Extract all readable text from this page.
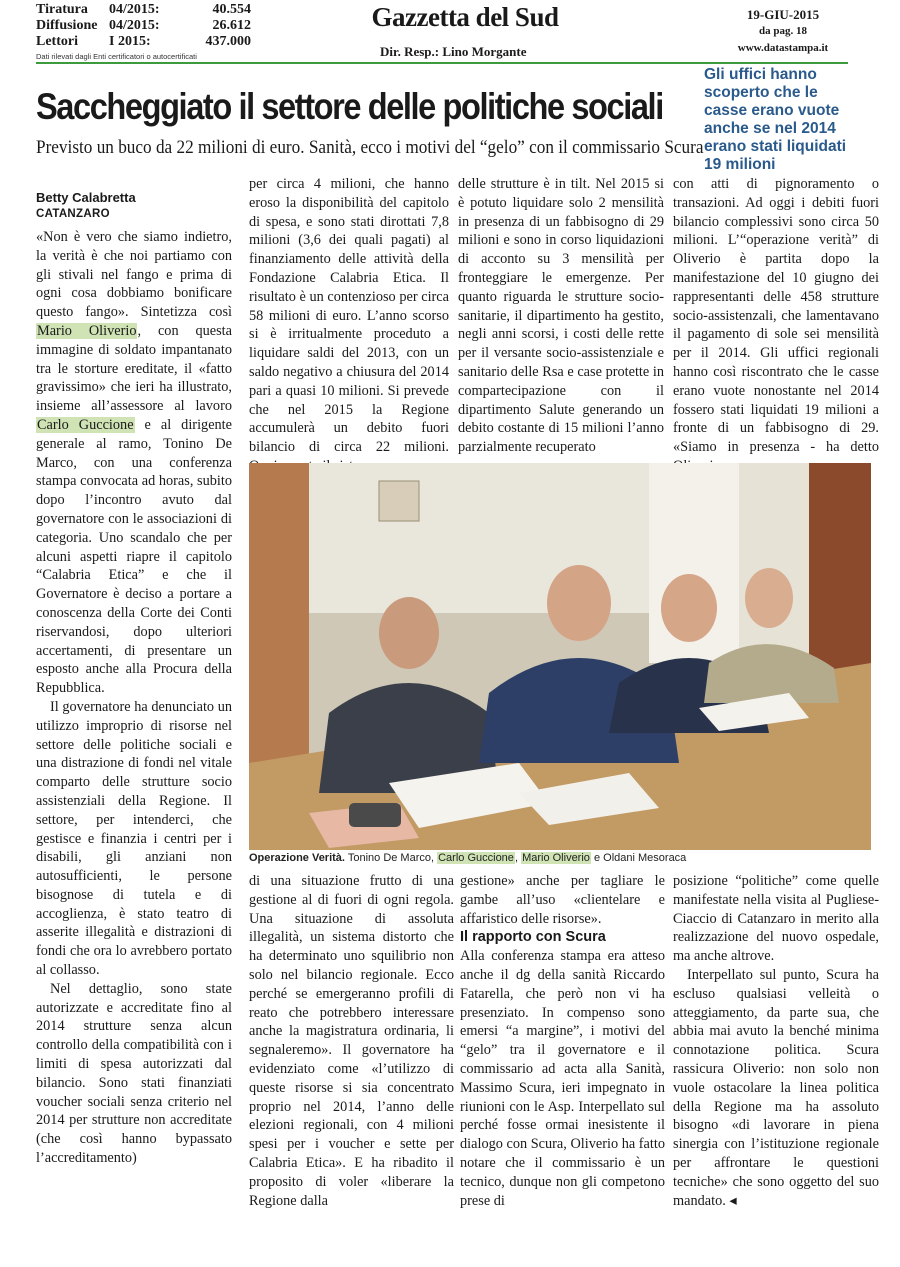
Tiratura 04/2015:	40.554
Diffusione 04/2015:	26.612
Lettori I 2015:	437.000
Dati rilevati dagli Enti certificatori o autocertificati
Gazzetta del Sud
Dir. Resp.: Lino Morgante
19-GIU-2015
da pag. 18
www.datastampa.it
Saccheggiato il settore delle politiche sociali
Previsto un buco da 22 milioni di euro. Sanità, ecco i motivi del “gelo” con il commissario Scura
Gli uffici hanno scoperto che le casse erano vuote anche se nel 2014 erano stati liquidati 19 milioni
Betty Calabretta
CATANZARO

«Non è vero che siamo indietro, la verità è che noi partiamo con gli stivali nel fango e prima di ogni cosa dobbiamo bonificare questo fango». Sintetizza così Mario Oliverio, con questa immagine di soldato impantanato tra le storture ereditate, il «fatto gravissimo» che ieri ha illustrato, insieme all’assessore al lavoro Carlo Guccione e al dirigente generale al ramo, Tonino De Marco, con una conferenza stampa convocata ad horas, subito dopo l’incontro avuto dal governatore con le associazioni di categoria. Uno scandalo che per alcuni aspetti riapre il capitolo “Calabria Etica” e che il Governatore è deciso a portare a conoscenza della Corte dei Conti riservandosi, dopo ulteriori accertamenti, di presentare un esposto anche alla Procura della Repubblica.

Il governatore ha denunciato un utilizzo improprio di risorse nel settore delle politiche sociali e una distrazione di fondi nel vitale comparto delle strutture socio assistenziali della Regione. Il settore, per intenderci, che gestisce e finanzia i centri per i disabili, gli anziani non autosufficienti, le persone bisognose di tutela e di accoglienza, è stato teatro di asserite illegalità e distrazioni di fondi che ora lo avrebbero portato al collasso.

Nel dettaglio, sono state autorizzate e accreditate fino al 2014 strutture senza alcun controllo della compatibilità con i limiti di spesa autorizzati dal bilancio. Sono stati finanziati voucher sociali senza criterio nel 2014 per strutture non accreditate (che così hanno bypassato l’accreditamento)

per circa 4 milioni, che hanno eroso la disponibilità del capitolo di spesa, e sono stati dirottati 7,8 milioni (3,6 dei quali pagati) al finanziamento delle attività della Fondazione Calabria Etica. Il risultato è un contenzioso per circa 58 milioni di euro. L’anno scorso si è irritualmente proceduto a liquidare saldi del 2013, con un saldo negativo a chiusura del 2014 pari a quasi 10 milioni. Si prevede che nel 2015 la Regione accumulerà un debito fuori bilancio di circa 22 milioni.

delle strutture è in tilt. Nel 2015 si è potuto liquidare solo 2 mensilità in presenza di un fabbisogno di 29 milioni e sono in corso liquidazioni di acconto su 3 mensilità per fronteggiare le emergenze. Per quanto riguarda le strutture socio-sanitarie, il dipartimento ha gestito, negli anni scorsi, i costi delle rette per il versante socio-assistenziale e sanitario delle Rsa e case protette in compartecipazione con il dipartimento Salute generando un debito costante di 15 milioni l’anno parzialmente recuperato

con atti di pignoramento o transazioni. Ad oggi i debiti fuori bilancio complessivi sono circa 50 milioni. L’“operazione verità” di Oliverio è partita dopo la manifestazione del 10 giugno dei rappresentanti delle 458 strutture socio-assistenzali, che lamentavano il pagamento di sole sei mensilità per il 2014. Gli uffici regionali hanno così riscontrato che le casse erano vuote nonostante nel 2014 fossero stati liquidati 19 milioni a fronte di un fabbisogno di 29. «Siamo in presenza - ha detto

Operazione Verità. Tonino De Marco, Carlo Guccione, Mario Oliverio e Oldani Mesoraca

di una situazione frutto di una gestione al di fuori di ogni regola. Una situazione di assoluta illegalità, un sistema distorto che ha determinato uno squilibrio non solo nel bilancio regionale. Ecco perché se emergeranno profili di reato che potrebbero interessare anche la magistratura ordinaria, li segnaleremo». Il governatore ha evidenziato come «l’utilizzo di queste risorse si sia concentrato proprio nel 2014, l’anno delle elezioni regionali, con 4 milioni spesi per i voucher e sette per Calabria Etica». E ha ribadito il proposito di voler «liberare la Regione dalla

gestione» anche per tagliare le gambe all’uso «clientelare e affaristico delle risorse».

Il rapporto con Scura

Alla conferenza stampa era atteso anche il dg della sanità Riccardo Fatarella, che però non vi ha presenziato. In compenso sono emersi “a margine”, i motivi del “gelo” tra il governatore e il commissario ad acta alla Sanità, Massimo Scura, ieri impegnato in riunioni con le Asp. Interpellato sul perché fosse ormai inesistente il dialogo con Scura, Oliverio ha fatto notare che il commissario è un tecnico, dunque non gli competono prese di

posizione “politiche” come quelle manifestate nella visita al Pugliese-Ciaccio di Catanzaro in merito alla realizzazione del nuovo ospedale, ma anche altrove.

Interpellato sul punto, Scura ha escluso qualsiasi velleità o atteggiamento, da parte sua, che abbia mai avuto la benché minima connotazione politica. Scura rassicura Oliverio: non solo non vuole ostacolare la linea politica della Regione ma ha assoluto bisogno «di lavorare in piena sinergia con l’istituzione regionale per affrontare le questioni tecniche» che sono oggetto del suo mandato. ◂
